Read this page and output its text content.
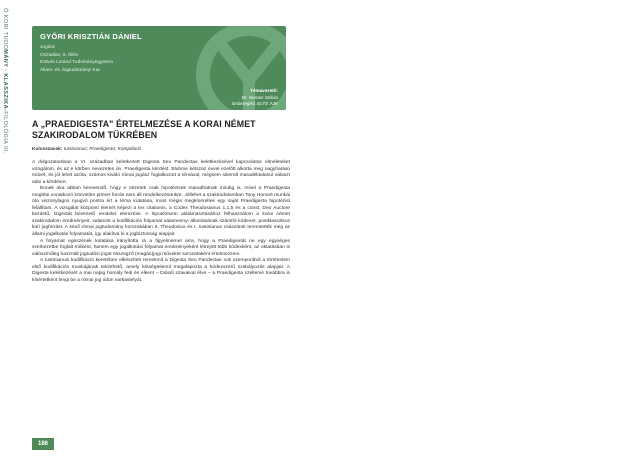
Ó KORI TUDOMÁNY · KLASSZIKA-FILOLÓGIA III.
GYŐRI KRISZTIÁN DÁNIEL
Jogász
Osztatlan, 9. félév
Eötvös Loránd Tudományegyetem
Állam- és Jogtudományi Kar
Témavezető:
Dr. Nemes Szilvia
tanársegéd, ELTE ÁJK
A „PRAEDIGESTA" ÉRTELMEZÉSE A KORAI NÉMET SZAKIRODALOM TÜKRÉBEN
Kulcsszavak: Iustinianus; Praedigesta; Kompiláció

A dolgozatomban a VI. században keletkezett Digesta Seu Pandectae keletkezésével kapcsolatos elméleteket vizsgálom, és az e körben nevezetes ún. Praedigesta kérdést. Bluhme kétszáz évvel ezelőtt alkotta meg nagyhatású művét, és jól lehet azóta, számos kiváló római jogász foglalkozott a témával, mégsem sikerült maradéktalanul választ adni a kérdésre.

Ennek oka abban keresendő, hogy e nézetek csak hipotézisek maradhatnak mindig is, mivel a Praedigesta megléte vonatkozó közvetlen primer forrás nem áll rendelkezésünkre. Jóllehet a szakirodalomban Tony Honoré munkái óta viszonylagos nyugvó pontra ért a téma kutatása, most mégis megkíséreltek egy saját Praedigesta hipotézist felállítani. A vizsgálat központi elemét képezi a lex citationis, a Codex Theodosianus 1,1,5 és a const. Deo Auctore kezdetű, Digestát bevezető rendelet elemzése. A hipotézisem alátámasztásához felhasználom a korai német szakirodalom eredményeit, valamint a kodifikációs folyamat valamennyi állomásának számító kódexet, postklasszikus kori jogforrást. A késő római jogtudomány korszakában II. Theodosius és I. Iustinianus császárok teremtették meg az állami jogalkotás folyamatát, így alakítva ki a jogbiztonság alapjait.

A folyamat egészének kutatása irányította rá a figyelmemet arra, hogy a Praedigestát ne egy egységes szerkezetbe foglalt műként, hanem egy jogalkotási folyamat eredményeként létrejött több kódexként, az oktatásban is valószínűleg használt jogtudósi jogot összegző (magán)jogi műveket sorozataként értelmezzem.

A Iustinianusi kodifikáció keretében elkészített remekmű a Digesta Seu Pandectae sok szempontból a történelem első kodifikációs munkájának tekinthető, amely kétségtelenül megalapozta a kódexszerű szabályozás alapjait. A Digesta keletkezését a mai napig homály fedi és elkent – Diósdi szavaival élve – a Praedigesta szellemé továbbra is kísértetként lengi be a római jog ódon varkastelyát.

186
